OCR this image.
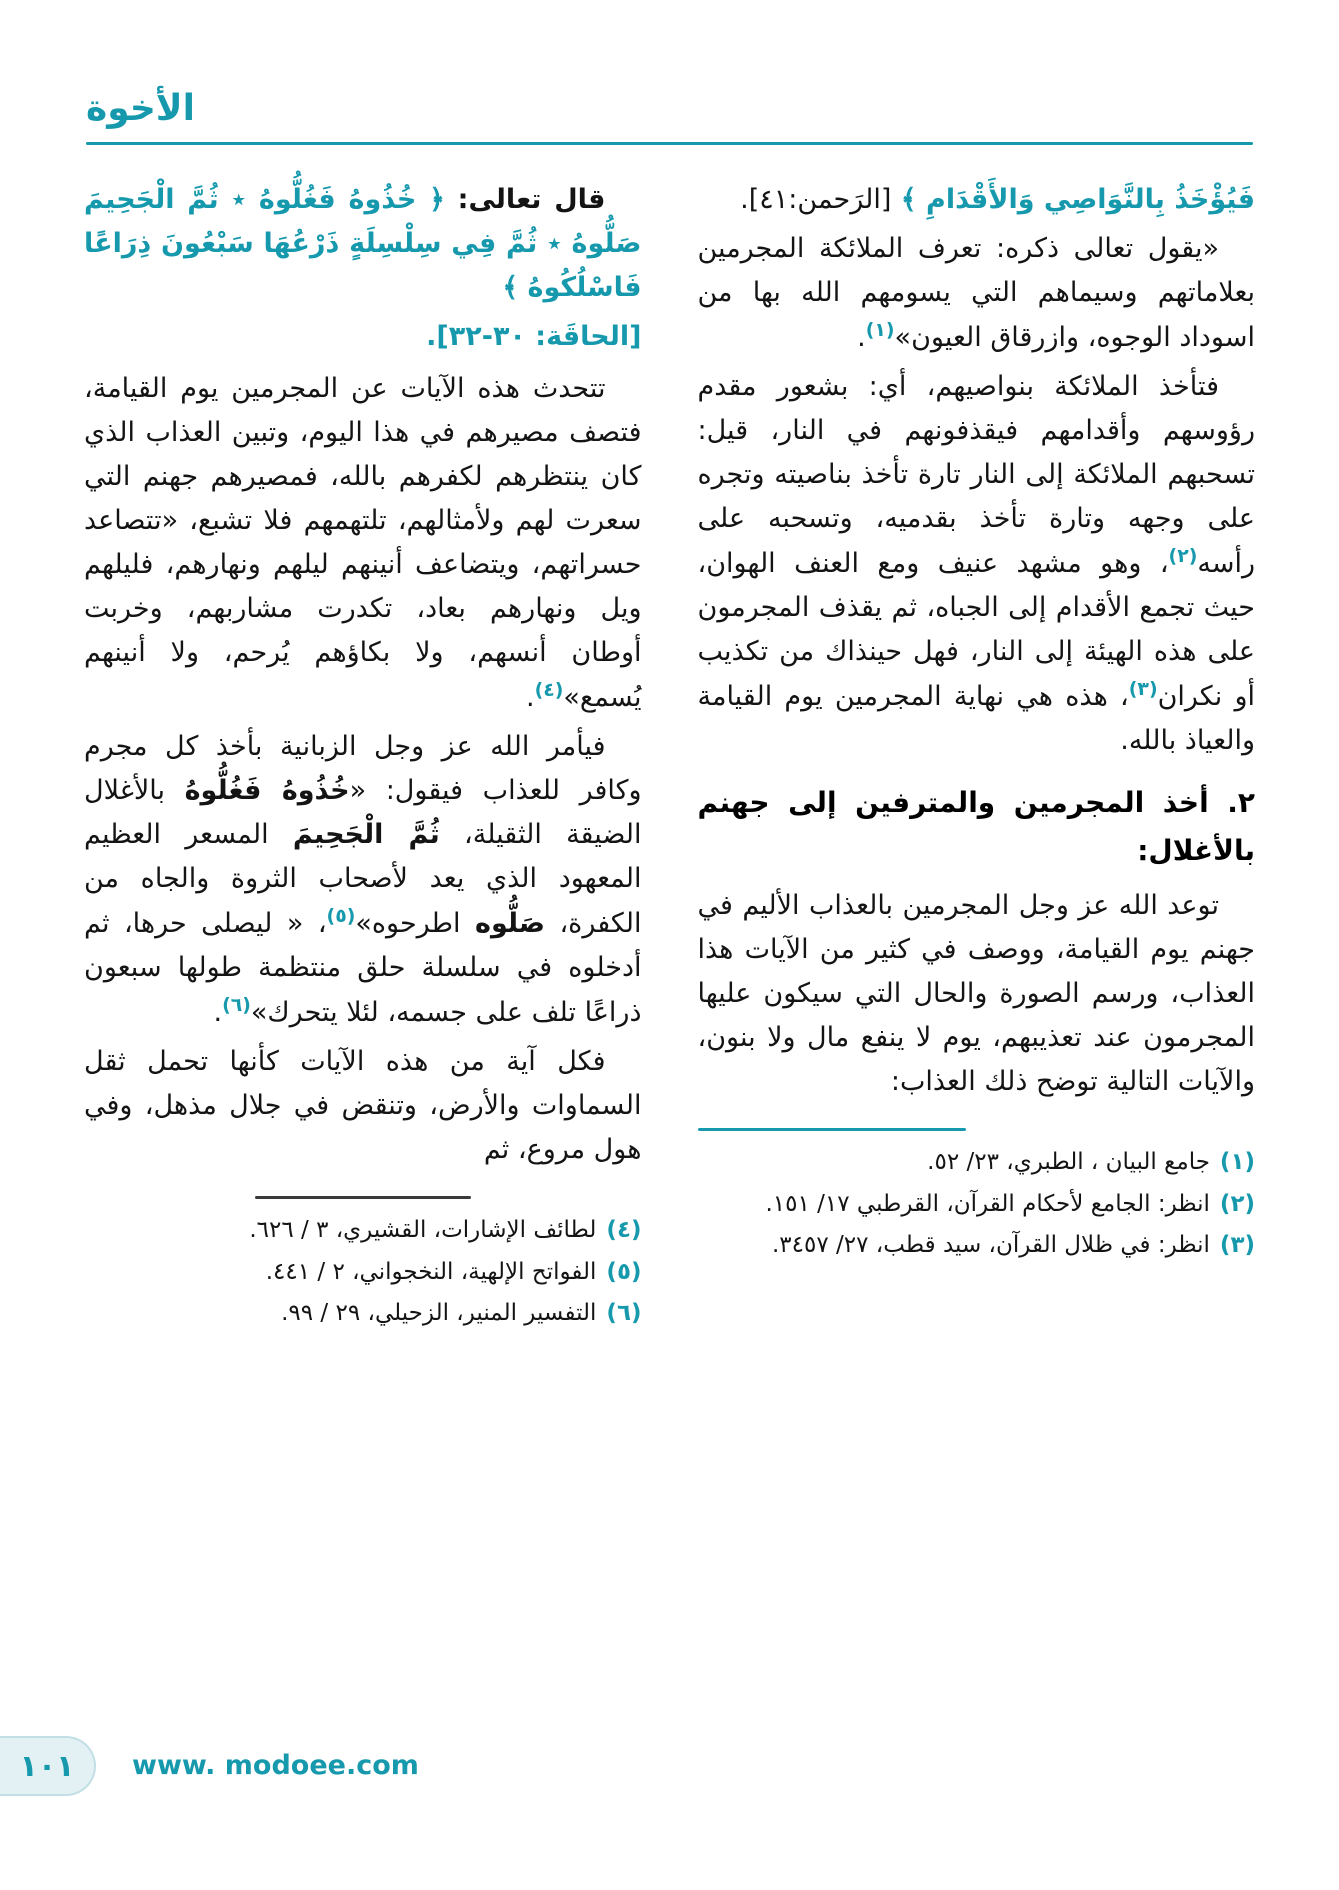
الأخوة

فَيُؤْخَذُ بِالنَّوَاصِي وَالأَقْدَامِ ﴾ [الرَحمن:٤١].

«يقول تعالى ذكره: تعرف الملائكة المجرمين بعلاماتهم وسيماهم التي يسومهم الله بها من اسوداد الوجوه، وازرقاق العيون»$^{(١)}$.

فتأخذ الملائكة بنواصيهم، أي: بشعور مقدم رؤوسهم وأقدامهم فيقذفونهم في النار، قيل: تسحبهم الملائكة إلى النار تارة تأخذ بناصيته وتجره على وجهه وتارة تأخذ بقدميه، وتسحبه على رأسه$^{(٢)}$، وهو مشهد عنيف ومع العنف الهوان، حيث تجمع الأقدام إلى الجباه، ثم يقذف المجرمون على هذه الهيئة إلى النار، فهل حينذاك من تكذيب أو نكران$^{(٣)}$، هذه هي نهاية المجرمين يوم القيامة والعياذ بالله.

٢. أخذ المجرمين والمترفين إلى جهنم بالأغلال:

توعد الله عز وجل المجرمين بالعذاب الأليم في جهنم يوم القيامة، ووصف في كثير من الآيات هذا العذاب، ورسم الصورة والحال التي سيكون عليها المجرمون عند تعذيبهم، يوم لا ينفع مال ولا بنون، والآيات التالية توضح ذلك العذاب:

(١)
جامع البيان ، الطبري، ٢٣/ ٥٢.
(٢)
انظر: الجامع لأحكام القرآن، القرطبي ١٧/ ١٥١.
(٣)
انظر: في ظلال القرآن، سيد قطب، ٢٧/ ٣٤٥٧.

قال تعالى: ﴿ خُذُوهُ فَغُلُّوهُ ٭ ثُمَّ الْجَحِيمَ صَلُّوهُ ٭ ثُمَّ فِي سِلْسِلَةٍ ذَرْعُهَا سَبْعُونَ ذِرَاعًا فَاسْلُكُوهُ ﴾

[الحاقَة: ٣٠-٣٢].

تتحدث هذه الآيات عن المجرمين يوم القيامة، فتصف مصيرهم في هذا اليوم، وتبين العذاب الذي كان ينتظرهم لكفرهم بالله، فمصيرهم جهنم التي سعرت لهم ولأمثالهم، تلتهمهم فلا تشبع، «تتصاعد حسراتهم، ويتضاعف أنينهم ليلهم ونهارهم، فليلهم ويل ونهارهم بعاد، تكدرت مشاربهم، وخربت أوطان أنسهم، ولا بكاؤهم يُرحم، ولا أنينهم يُسمع»$^{(٤)}$.

فيأمر الله عز وجل الزبانية بأخذ كل مجرم وكافر للعذاب فيقول: «خُذُوهُ فَغُلُّوهُ بالأغلال الضيقة الثقيلة، ثُمَّ الْجَحِيمَ المسعر العظيم المعهود الذي يعد لأصحاب الثروة والجاه من الكفرة، صَلُّوه اطرحوه»$^{(٥)}$، « ليصلى حرها، ثم أدخلوه في سلسلة حلق منتظمة طولها سبعون ذراعًا تلف على جسمه، لئلا يتحرك»$^{(٦)}$.

فكل آية من هذه الآيات كأنها تحمل ثقل السماوات والأرض، وتنقض في جلال مذهل، وفي هول مروع، ثم

(٤)
لطائف الإشارات، القشيري، ٣ / ٦٢٦.
(٥)
الفواتح الإلهية، النخجواني، ٢ / ٤٤١.
(٦)
التفسير المنير، الزحيلي، ٢٩ / ٩٩.
١٠١ www. modoee.com
